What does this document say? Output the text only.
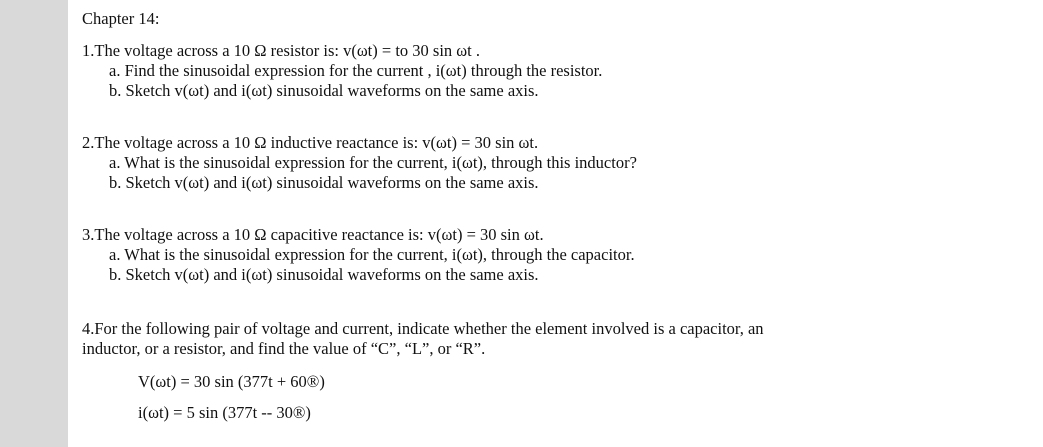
Chapter 14:
1.The voltage across a 10 Ω resistor is: v(ωt) = to 30 sin ωt .
a. Find the sinusoidal expression for the current , i(ωt) through the resistor.
b. Sketch v(ωt) and i(ωt) sinusoidal waveforms on the same axis.
2.The voltage across a 10 Ω inductive reactance is: v(ωt) = 30 sin ωt.
a. What is the sinusoidal expression for the current, i(ωt), through this inductor?
b. Sketch v(ωt) and i(ωt) sinusoidal waveforms on the same axis.
3.The voltage across a 10 Ω capacitive reactance is: v(ωt) = 30 sin ωt.
a. What is the sinusoidal expression for the current, i(ωt), through the capacitor.
b. Sketch v(ωt) and i(ωt) sinusoidal waveforms on the same axis.
4.For the following pair of voltage and current, indicate whether the element involved is a capacitor, an
inductor, or a resistor, and find the value of “C”, “L”, or “R”.
V(ωt) = 30 sin (377t + 60®)
i(ωt) = 5 sin (377t -- 30®)
